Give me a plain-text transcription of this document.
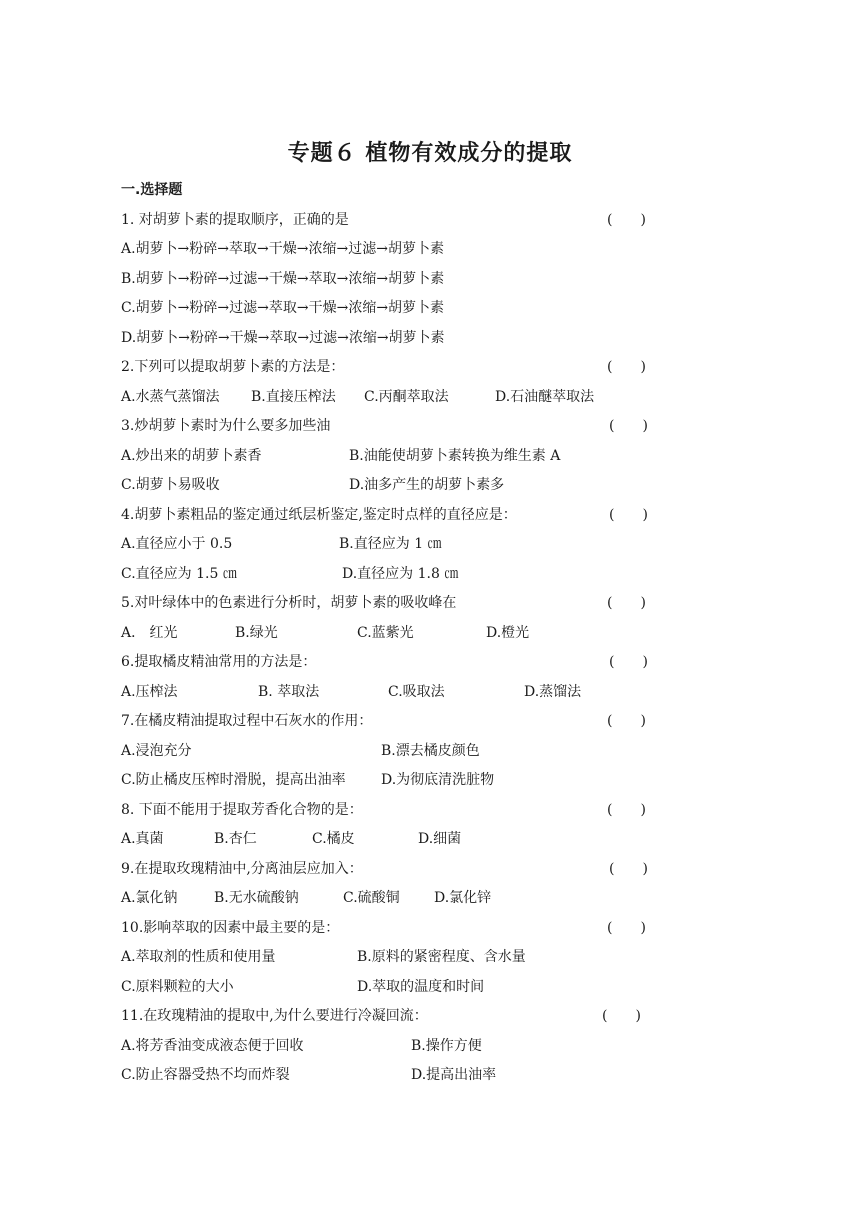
专题６ 植物有效成分的提取
一.选择题
1. 对胡萝卜素的提取顺序，正确的是	(　　)
A.胡萝卜→粉碎→萃取→干燥→浓缩→过滤→胡萝卜素
B.胡萝卜→粉碎→过滤→干燥→萃取→浓缩→胡萝卜素
C.胡萝卜→粉碎→过滤→萃取→干燥→浓缩→胡萝卜素
D.胡萝卜→粉碎→干燥→萃取→过滤→浓缩→胡萝卜素
2.下列可以提取胡萝卜素的方法是：	(　　)
A.水蒸气蒸馏法 B.直接压榨法 C.丙酮萃取法	D.石油醚萃取法
3.炒胡萝卜素时为什么要多加些油	(　　)
A.炒出来的胡萝卜素香	B.油能使胡萝卜素转换为维生素 A
C.胡萝卜易吸收	D.油多产生的胡萝卜素多
4.胡萝卜素粗品的鉴定通过纸层析鉴定,鉴定时点样的直径应是：	(　　)
A.直径应小于 0.5	B.直径应为 1 ㎝
C.直径应为 1.5 ㎝	D.直径应为 1.8 ㎝
5.对叶绿体中的色素进行分析时，胡萝卜素的吸收峰在	(　　)
A． 红光	B.绿光	C.蓝紫光	D.橙光
6.提取橘皮精油常用的方法是：	(　　)
A.压榨法	B. 萃取法	C.吸取法	D.蒸馏法
7.在橘皮精油提取过程中石灰水的作用：	(　　)
A.浸泡充分	B.漂去橘皮颜色
C.防止橘皮压榨时滑脱，提高出油率	D.为彻底清洗脏物
8. 下面不能用于提取芳香化合物的是：	(　　)
A.真菌	B.杏仁	C.橘皮	D.细菌
9.在提取玫瑰精油中,分离油层应加入：	(　　)
A.氯化钠	B.无水硫酸钠	C.硫酸铜 D.氯化锌
10.影响萃取的因素中最主要的是：	(　　)
A.萃取剂的性质和使用量	B.原料的紧密程度、含水量
C.原料颗粒的大小	D.萃取的温度和时间
11.在玫瑰精油的提取中,为什么要进行冷凝回流：	(　　)
A.将芳香油变成液态便于回收	B.操作方便
C.防止容器受热不均而炸裂	D.提高出油率
